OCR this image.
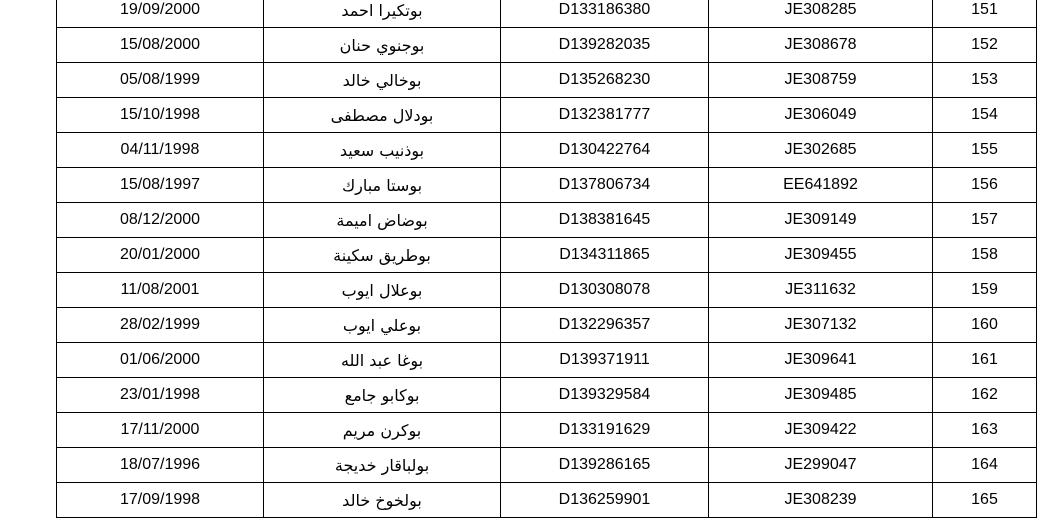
19/09/2000	بوتكيرا احمد	D133186380	JE308285	151
15/08/2000	بوجنوي حنان	D139282035	JE308678	152
05/08/1999	بوخالي خالد	D135268230	JE308759	153
15/10/1998	بودلال مصطفى	D132381777	JE306049	154
04/11/1998	بوذنيب سعيد	D130422764	JE302685	155
15/08/1997	بوستا مبارك	D137806734	EE641892	156
08/12/2000	بوضاض اميمة	D138381645	JE309149	157
20/01/2000	بوطريق سكينة	D134311865	JE309455	158
11/08/2001	بوعلال ايوب	D130308078	JE311632	159
28/02/1999	بوعلي ايوب	D132296357	JE307132	160
01/06/2000	بوغا عبد الله	D139371911	JE309641	161
23/01/1998	بوكابو جامع	D139329584	JE309485	162
17/11/2000	بوكرن مريم	D133191629	JE309422	163
18/07/1996	بولباقار خديجة	D139286165	JE299047	164
17/09/1998	بولخوخ خالد	D136259901	JE308239	165
